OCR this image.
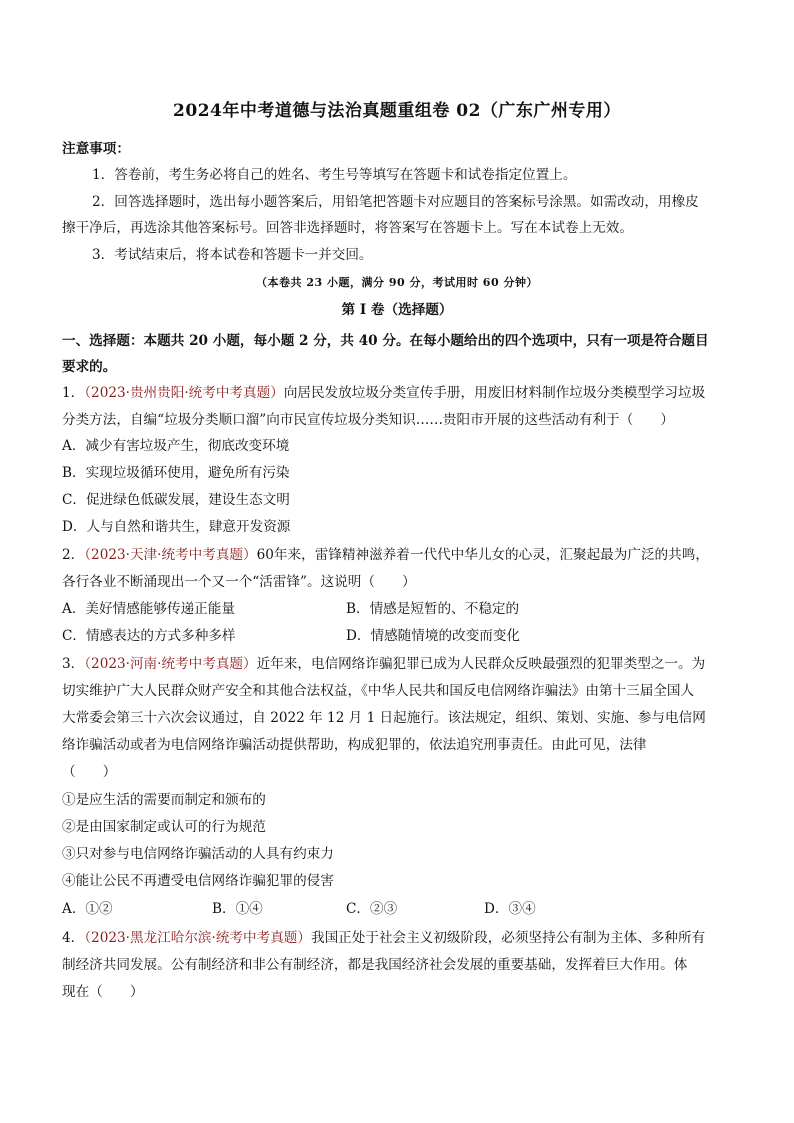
2024年中考道德与法治真题重组卷 02（广东广州专用）
注意事项：
1．答卷前，考生务必将自己的姓名、考生号等填写在答题卡和试卷指定位置上。
2．回答选择题时，选出每小题答案后，用铅笔把答题卡对应题目的答案标号涂黑。如需改动，用橡皮
擦干净后，再选涂其他答案标号。回答非选择题时，将答案写在答题卡上。写在本试卷上无效。
3．考试结束后，将本试卷和答题卡一并交回。
（本卷共 23 小题，满分 90 分，考试用时 60 分钟）
第 I 卷（选择题）
一、选择题：本题共 20 小题，每小题 2 分，共 40 分。在每小题给出的四个选项中，只有一项是符合题目
要求的。
1．（2023·贵州贵阳·统考中考真题）向居民发放垃圾分类宣传手册，用废旧材料制作垃圾分类模型学习垃圾
分类方法，自编“垃圾分类顺口溜”向市民宣传垃圾分类知识……贵阳市开展的这些活动有利于（　　）
A．减少有害垃圾产生，彻底改变环境
B．实现垃圾循环使用，避免所有污染
C．促进绿色低碳发展，建设生态文明
D．人与自然和谐共生，肆意开发资源
2．（2023·天津·统考中考真题）60年来，雷锋精神滋养着一代代中华儿女的心灵，汇聚起最为广泛的共鸣，
各行各业不断涌现出一个又一个“活雷锋”。这说明（　　）
A．美好情感能够传递正能量	B．情感是短暂的、不稳定的
C．情感表达的方式多种多样	D．情感随情境的改变而变化
3．（2023·河南·统考中考真题）近年来，电信网络诈骗犯罪已成为人民群众反映最强烈的犯罪类型之一。为
切实维护广大人民群众财产安全和其他合法权益，《中华人民共和国反电信网络诈骗法》由第十三届全国人
大常委会第三十六次会议通过，自 2022 年 12 月 1 日起施行。该法规定，组织、策划、实施、参与电信网
络诈骗活动或者为电信网络诈骗活动提供帮助，构成犯罪的，依法追究刑事责任。由此可见，法律
（　　）
①是应生活的需要而制定和颁布的
②是由国家制定或认可的行为规范
③只对参与电信网络诈骗活动的人具有约束力
④能让公民不再遭受电信网络诈骗犯罪的侵害
A．①②	B．①④	C．②③	D．③④
4．（2023·黑龙江哈尔滨·统考中考真题）我国正处于社会主义初级阶段，必须坚持公有制为主体、多种所有
制经济共同发展。公有制经济和非公有制经济，都是我国经济社会发展的重要基础，发挥着巨大作用。体
现在（　　）
